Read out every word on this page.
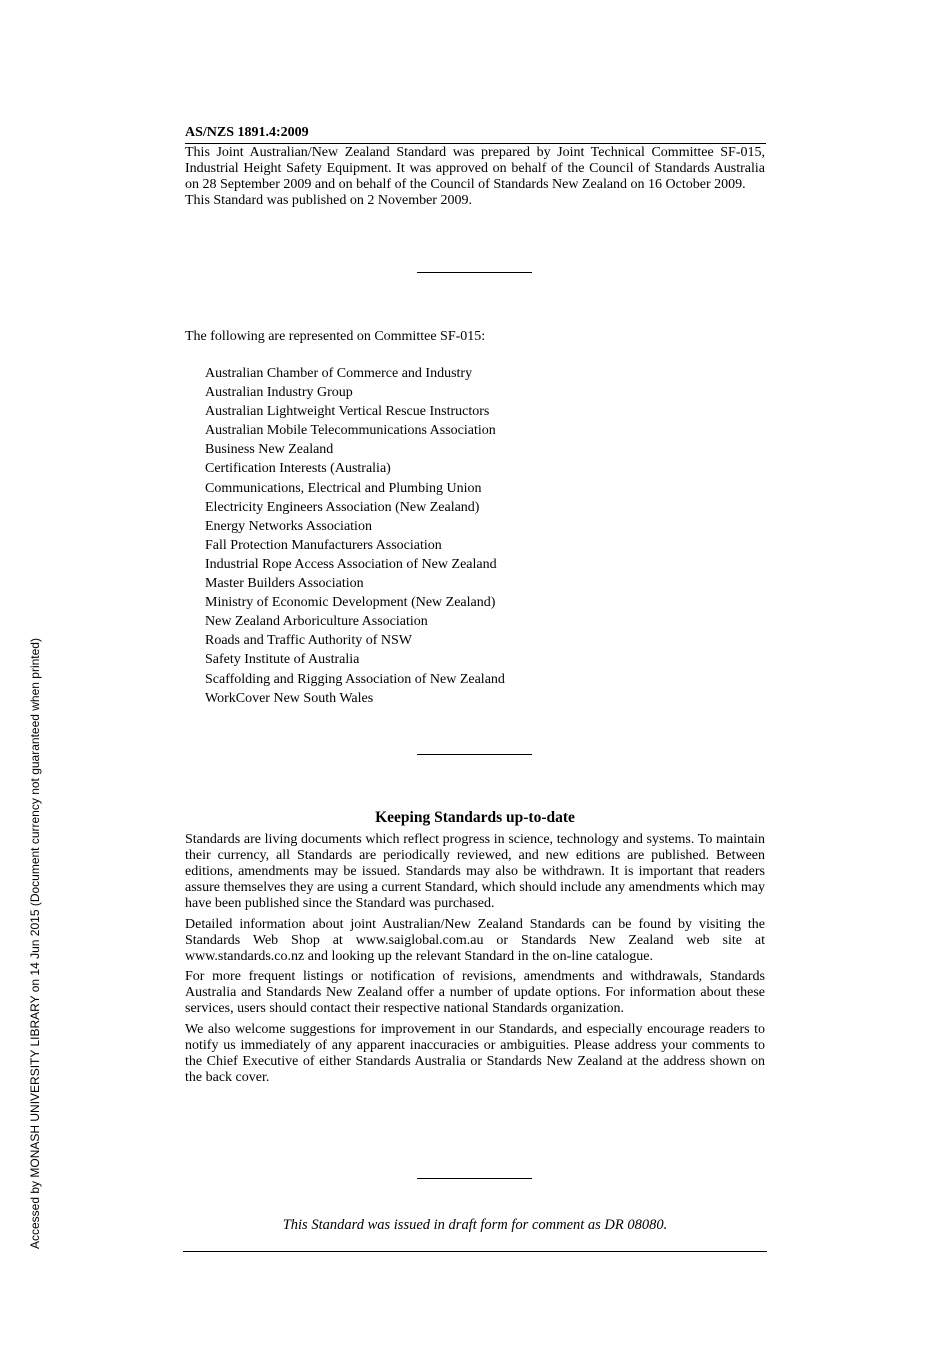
AS/NZS 1891.4:2009

This Joint Australian/New Zealand Standard was prepared by Joint Technical Committee SF-015, Industrial Height Safety Equipment. It was approved on behalf of the Council of Standards Australia on 28 September 2009 and on behalf of the Council of Standards New Zealand on 16 October 2009.

This Standard was published on 2 November 2009.

The following are represented on Committee SF-015:
Australian Chamber of Commerce and Industry
Australian Industry Group
Australian Lightweight Vertical Rescue Instructors
Australian Mobile Telecommunications Association
Business New Zealand
Certification Interests (Australia)
Communications, Electrical and Plumbing Union
Electricity Engineers Association (New Zealand)
Energy Networks Association
Fall Protection Manufacturers Association
Industrial Rope Access Association of New Zealand
Master Builders Association
Ministry of Economic Development (New Zealand)
New Zealand Arboriculture Association
Roads and Traffic Authority of NSW
Safety Institute of Australia
Scaffolding and Rigging Association of New Zealand
WorkCover New South Wales
Keeping Standards up-to-date

Standards are living documents which reflect progress in science, technology and systems. To maintain their currency, all Standards are periodically reviewed, and new editions are published. Between editions, amendments may be issued. Standards may also be withdrawn. It is important that readers assure themselves they are using a current Standard, which should include any amendments which may have been published since the Standard was purchased.

Detailed information about joint Australian/New Zealand Standards can be found by visiting the Standards Web Shop at www.saiglobal.com.au or Standards New Zealand web site at www.standards.co.nz and looking up the relevant Standard in the on-line catalogue.

For more frequent listings or notification of revisions, amendments and withdrawals, Standards Australia and Standards New Zealand offer a number of update options. For information about these services, users should contact their respective national Standards organization.

We also welcome suggestions for improvement in our Standards, and especially encourage readers to notify us immediately of any apparent inaccuracies or ambiguities. Please address your comments to the Chief Executive of either Standards Australia or Standards New Zealand at the address shown on the back cover.

This Standard was issued in draft form for comment as DR 08080.
Accessed by MONASH UNIVERSITY LIBRARY on 14 Jun 2015 (Document currency not guaranteed when printed)
